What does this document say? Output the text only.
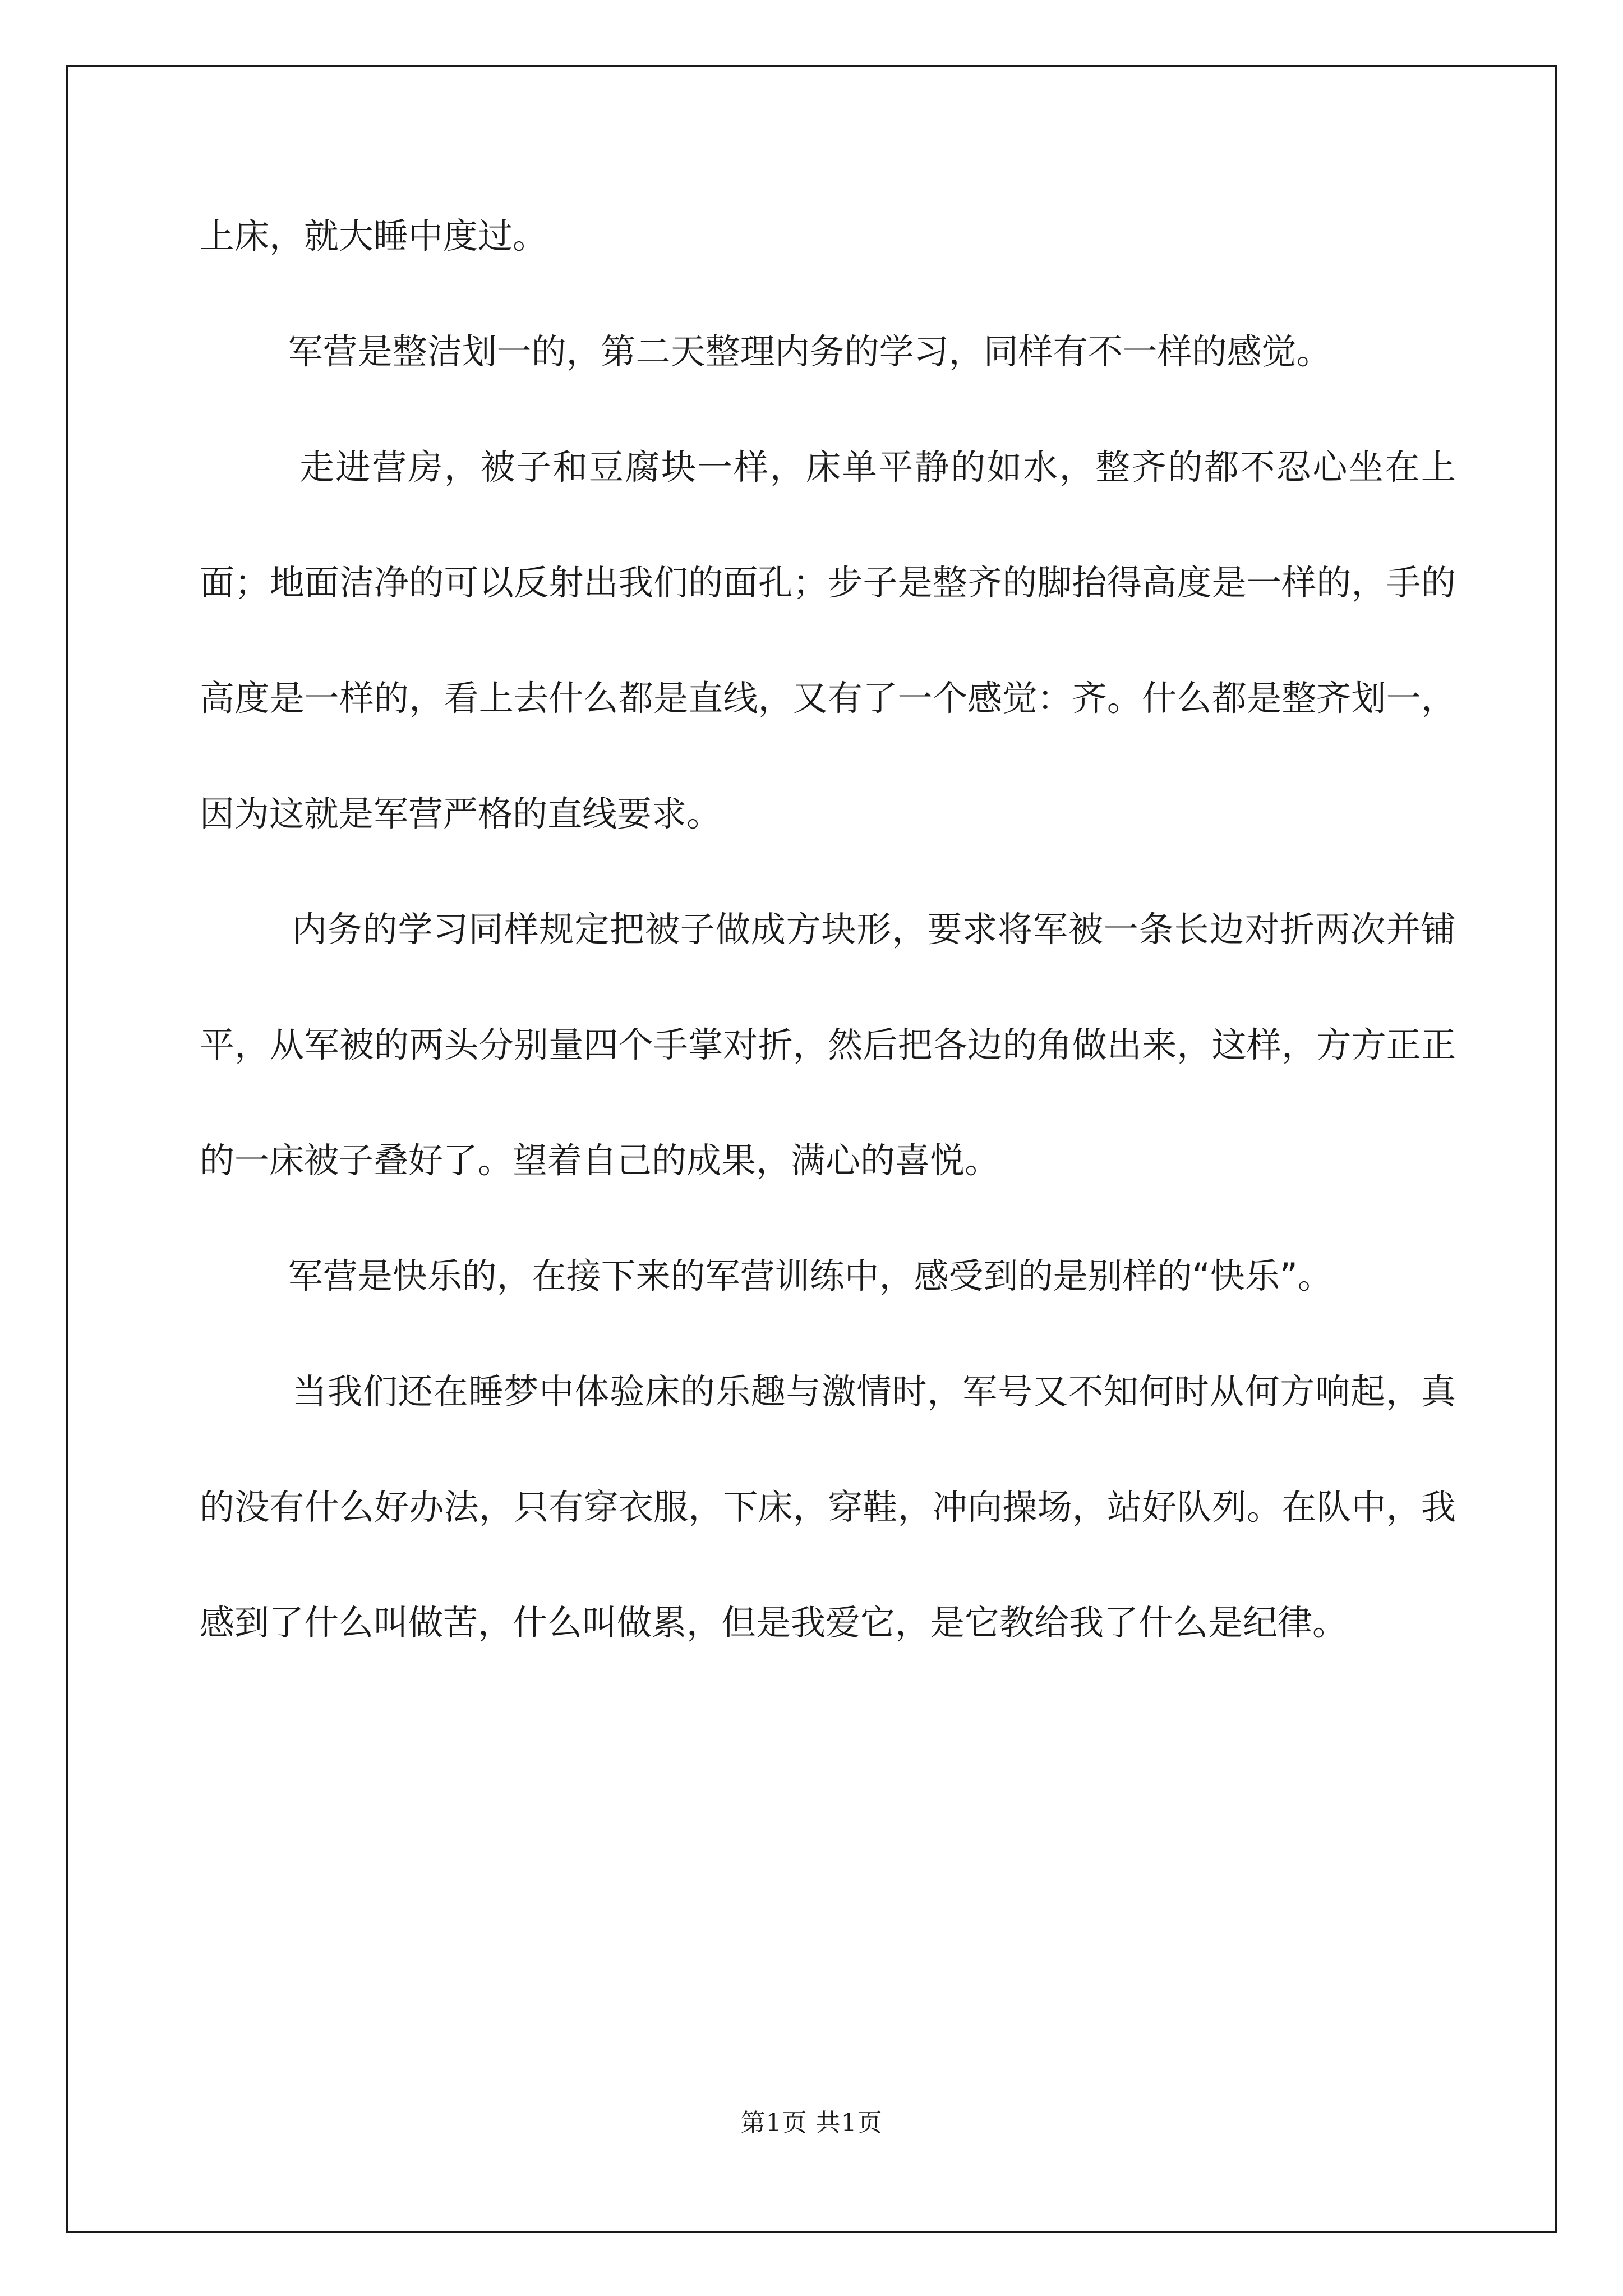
上床，就大睡中度过。

军营是整洁划一的，第二天整理内务的学习，同样有不一样的感觉。

走进营房，被子和豆腐块一样，床单平静的如水，整齐的都不忍心坐在上面；地面洁净的可以反射出我们的面孔；步子是整齐的脚抬得高度是一样的，手的高度是一样的，看上去什么都是直线，又有了一个感觉：齐。什么都是整齐划一，因为这就是军营严格的直线要求。

内务的学习同样规定把被子做成方块形，要求将军被一条长边对折两次并铺平，从军被的两头分别量四个手掌对折，然后把各边的角做出来，这样，方方正正的一床被子叠好了。望着自己的成果，满心的喜悦。

军营是快乐的，在接下来的军营训练中，感受到的是别样的“快乐”。

当我们还在睡梦中体验床的乐趣与激情时，军号又不知何时从何方响起，真的没有什么好办法，只有穿衣服，下床，穿鞋，冲向操场，站好队列。在队中，我感到了什么叫做苦，什么叫做累，但是我爱它，是它教给我了什么是纪律。

第1页 共1页
